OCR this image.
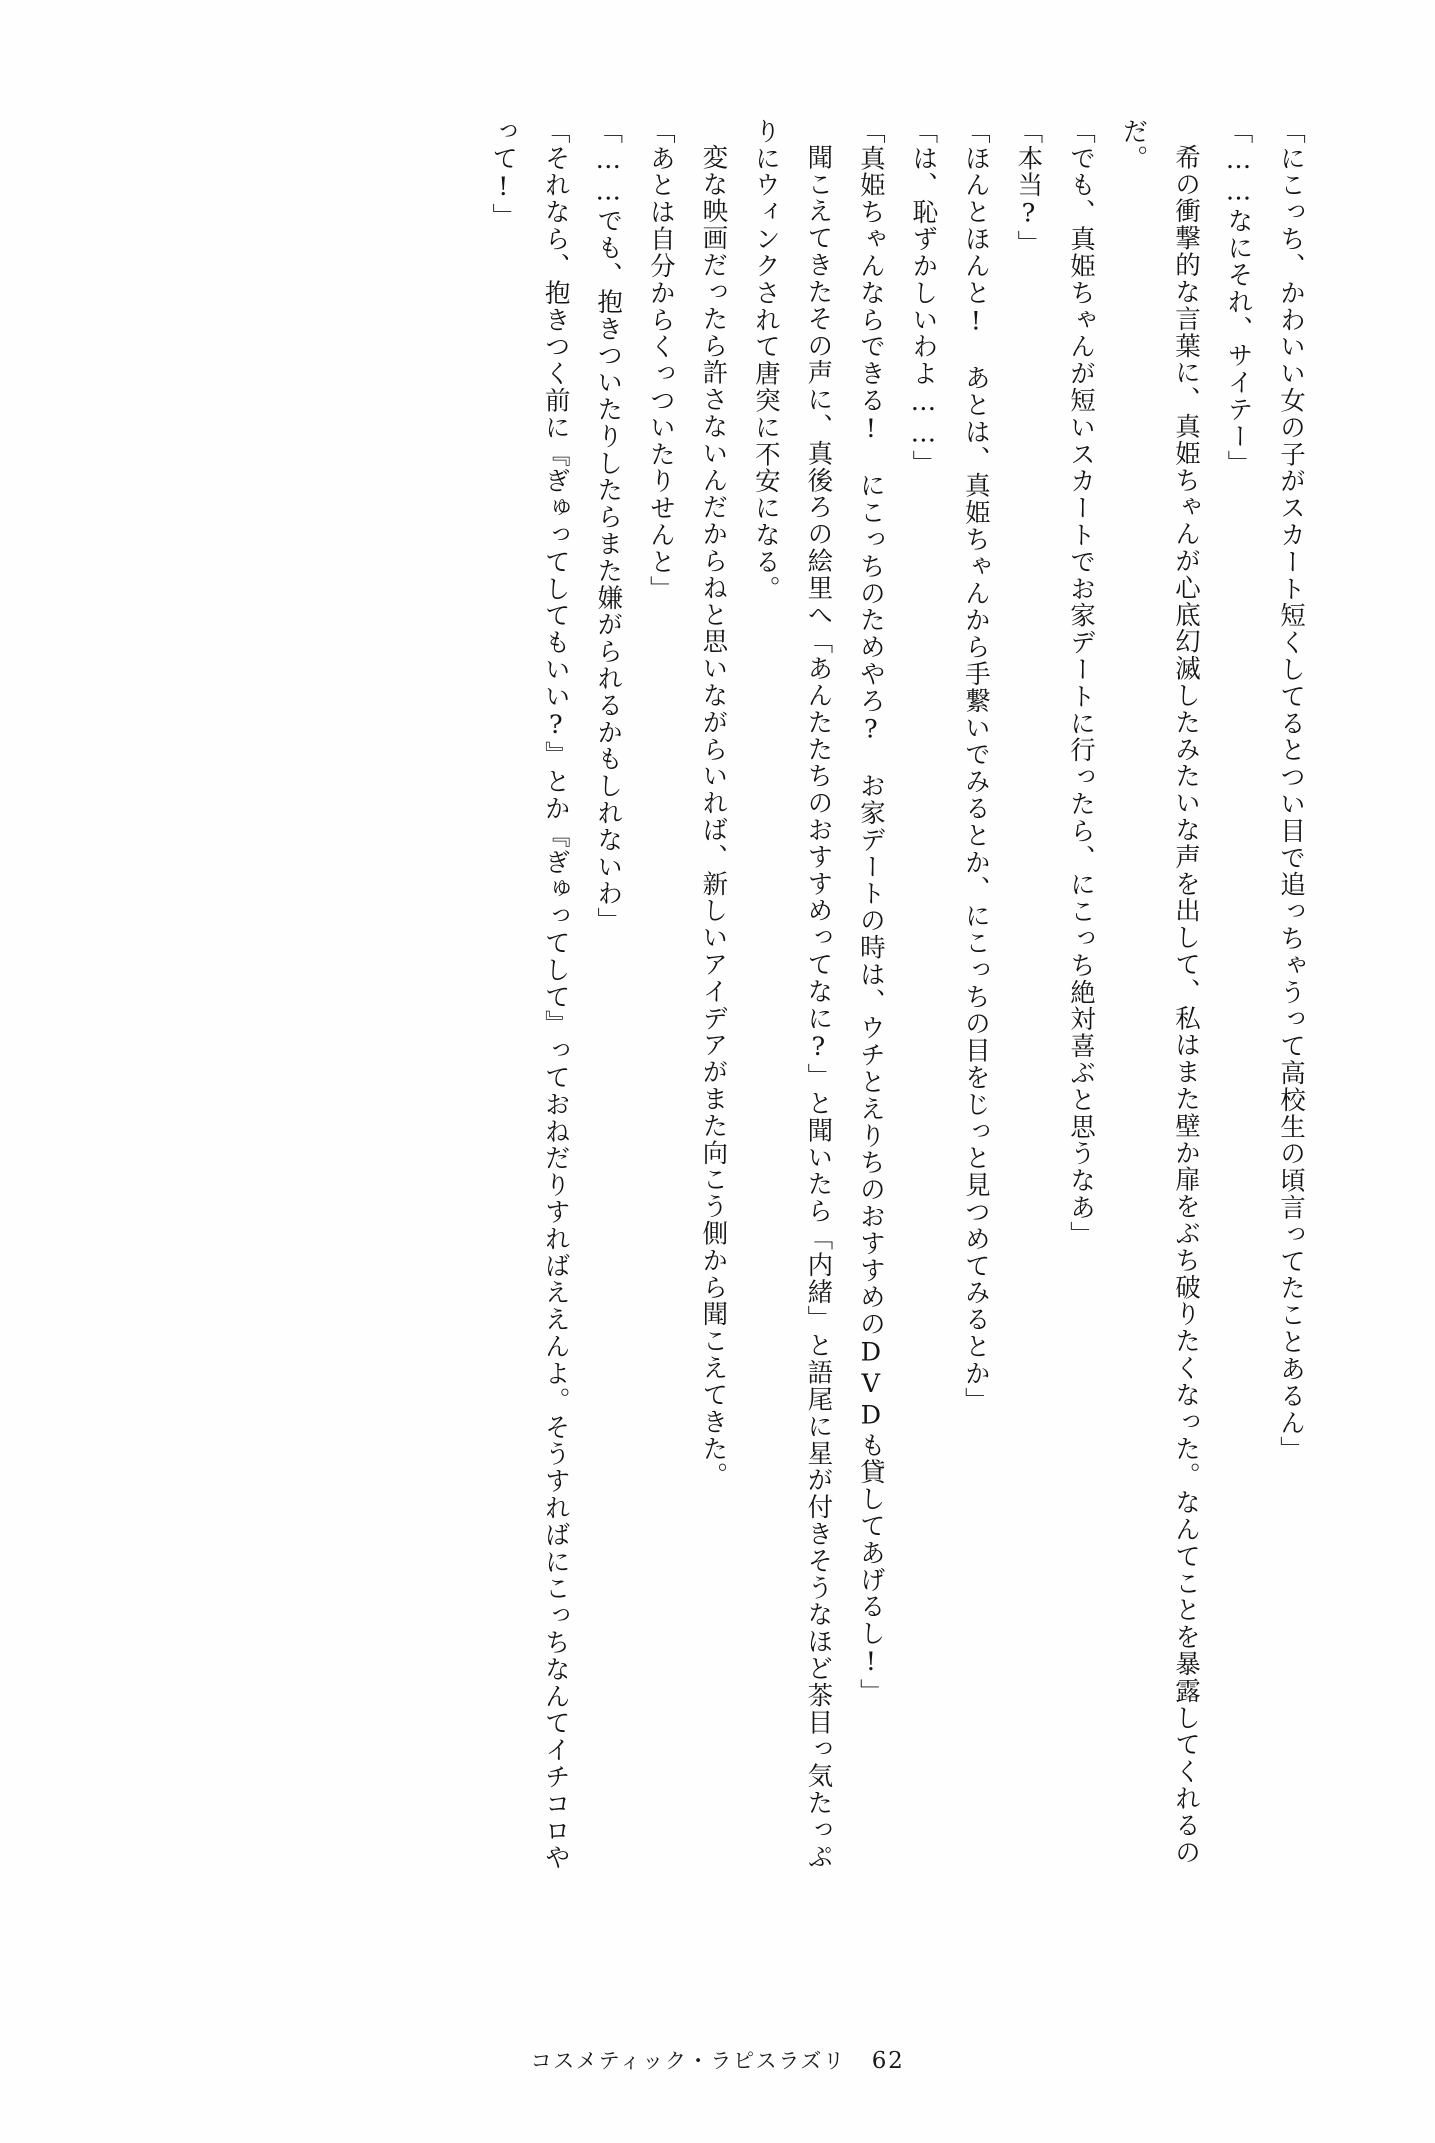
「にこっち、かわいい女の子がスカート短くしてるとつい目で追っちゃうって高校生の頃言ってたことあるん」

「……なにそれ、サイテー」

希の衝撃的な言葉に、真姫ちゃんが心底幻滅したみたいな声を出して、私はまた壁か扉をぶち破りたくなった。なんてことを暴露してくれるのだ。

「でも、真姫ちゃんが短いスカートでお家デートに行ったら、にこっち絶対喜ぶと思うなあ」

「本当?」

「ほんとほんと!　あとは、真姫ちゃんから手繋いでみるとか、にこっちの目をじっと見つめてみるとか」

「は、恥ずかしいわよ……」

「真姫ちゃんならできる!　にこっちのためやろ?　お家デートの時は、ウチとえりちのおすすめのDVDも貸してあげるし!」

聞こえてきたその声に、真後ろの絵里へ「あんたたちのおすすめってなに?」と聞いたら「内緒」と語尾に星が付きそうなほど茶目っ気たっぷりにウィンクされて唐突に不安になる。

変な映画だったら許さないんだからねと思いながらいれば、新しいアイデアがまた向こう側から聞こえてきた。

「あとは自分からくっついたりせんと」

「……でも、抱きついたりしたらまた嫌がられるかもしれないわ」

「それなら、抱きつく前に『ぎゅってしてもいい?』とか『ぎゅってして』っておねだりすればええんよ。そうすればにこっちなんてイチコロやって!」

コスメティック・ラピスラズリ 62
